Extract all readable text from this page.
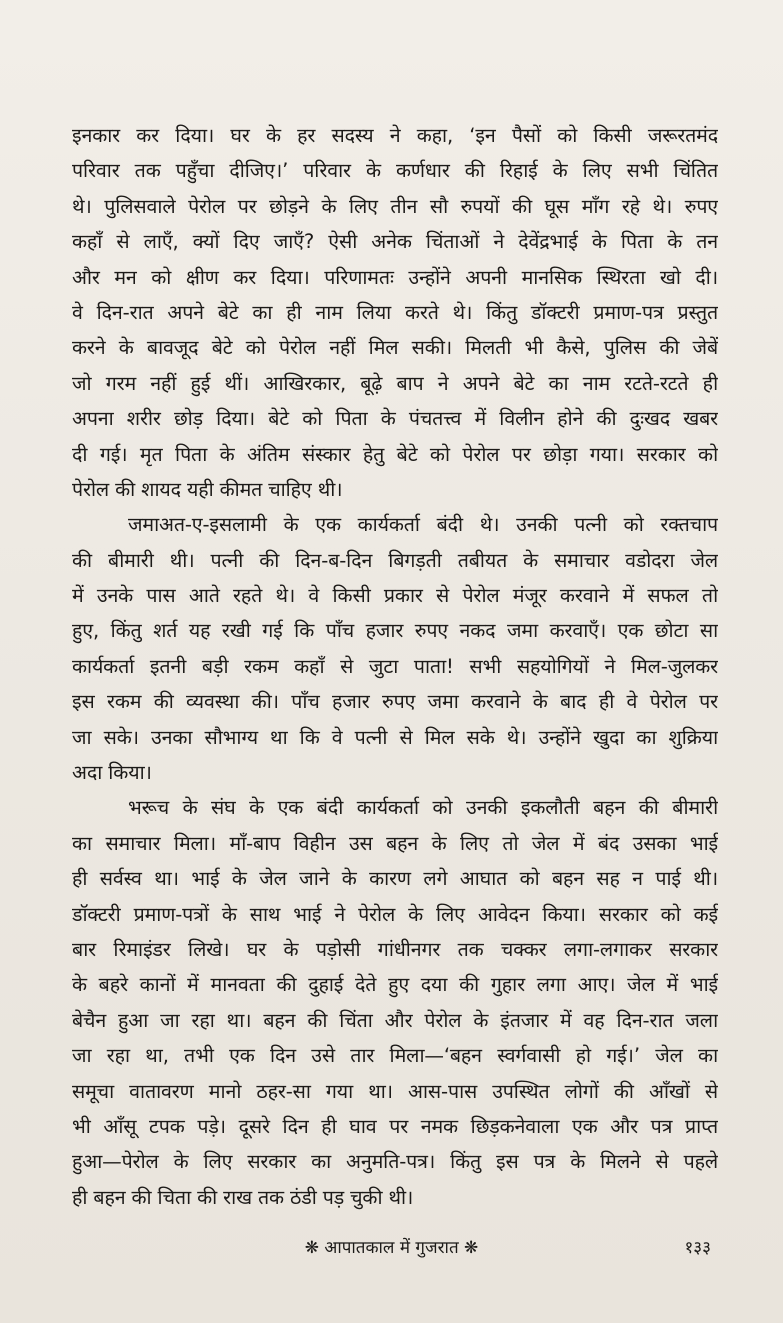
इनकार कर दिया। घर के हर सदस्य ने कहा, ‘इन पैसों को किसी जरूरतमंद
परिवार तक पहुँचा दीजिए।’ परिवार के कर्णधार की रिहाई के लिए सभी चिंतित
थे। पुलिसवाले पेरोल पर छोड़ने के लिए तीन सौ रुपयों की घूस माँग रहे थे। रुपए
कहाँ से लाएँ, क्यों दिए जाएँ? ऐसी अनेक चिंताओं ने देवेंद्रभाई के पिता के तन
और मन को क्षीण कर दिया। परिणामतः उन्होंने अपनी मानसिक स्थिरता खो दी।
वे दिन-रात अपने बेटे का ही नाम लिया करते थे। किंतु डॉक्टरी प्रमाण-पत्र प्रस्तुत
करने के बावजूद बेटे को पेरोल नहीं मिल सकी। मिलती भी कैसे, पुलिस की जेबें
जो गरम नहीं हुई थीं। आखिरकार, बूढ़े बाप ने अपने बेटे का नाम रटते-रटते ही
अपना शरीर छोड़ दिया। बेटे को पिता के पंचतत्त्व में विलीन होने की दुःखद खबर
दी गई। मृत पिता के अंतिम संस्कार हेतु बेटे को पेरोल पर छोड़ा गया। सरकार को
पेरोल की शायद यही कीमत चाहिए थी।
जमाअत-ए-इसलामी के एक कार्यकर्ता बंदी थे। उनकी पत्नी को रक्तचाप
की बीमारी थी। पत्नी की दिन-ब-दिन बिगड़ती तबीयत के समाचार वडोदरा जेल
में उनके पास आते रहते थे। वे किसी प्रकार से पेरोल मंजूर करवाने में सफल तो
हुए, किंतु शर्त यह रखी गई कि पाँच हजार रुपए नकद जमा करवाएँ। एक छोटा सा
कार्यकर्ता इतनी बड़ी रकम कहाँ से जुटा पाता! सभी सहयोगियों ने मिल-जुलकर
इस रकम की व्यवस्था की। पाँच हजार रुपए जमा करवाने के बाद ही वे पेरोल पर
जा सके। उनका सौभाग्य था कि वे पत्नी से मिल सके थे। उन्होंने खुदा का शुक्रिया
अदा किया।
भरूच के संघ के एक बंदी कार्यकर्ता को उनकी इकलौती बहन की बीमारी
का समाचार मिला। माँ-बाप विहीन उस बहन के लिए तो जेल में बंद उसका भाई
ही सर्वस्व था। भाई के जेल जाने के कारण लगे आघात को बहन सह न पाई थी।
डॉक्टरी प्रमाण-पत्रों के साथ भाई ने पेरोल के लिए आवेदन किया। सरकार को कई
बार रिमाइंडर लिखे। घर के पड़ोसी गांधीनगर तक चक्कर लगा-लगाकर सरकार
के बहरे कानों में मानवता की दुहाई देते हुए दया की गुहार लगा आए। जेल में भाई
बेचैन हुआ जा रहा था। बहन की चिंता और पेरोल के इंतजार में वह दिन-रात जला
जा रहा था, तभी एक दिन उसे तार मिला—‘बहन स्वर्गवासी हो गई।’ जेल का
समूचा वातावरण मानो ठहर-सा गया था। आस-पास उपस्थित लोगों की आँखों से
भी आँसू टपक पड़े। दूसरे दिन ही घाव पर नमक छिड़कनेवाला एक और पत्र प्राप्त
हुआ—पेरोल के लिए सरकार का अनुमति-पत्र। किंतु इस पत्र के मिलने से पहले
ही बहन की चिता की राख तक ठंडी पड़ चुकी थी।
❋ आपातकाल में गुजरात ❋	१३३
